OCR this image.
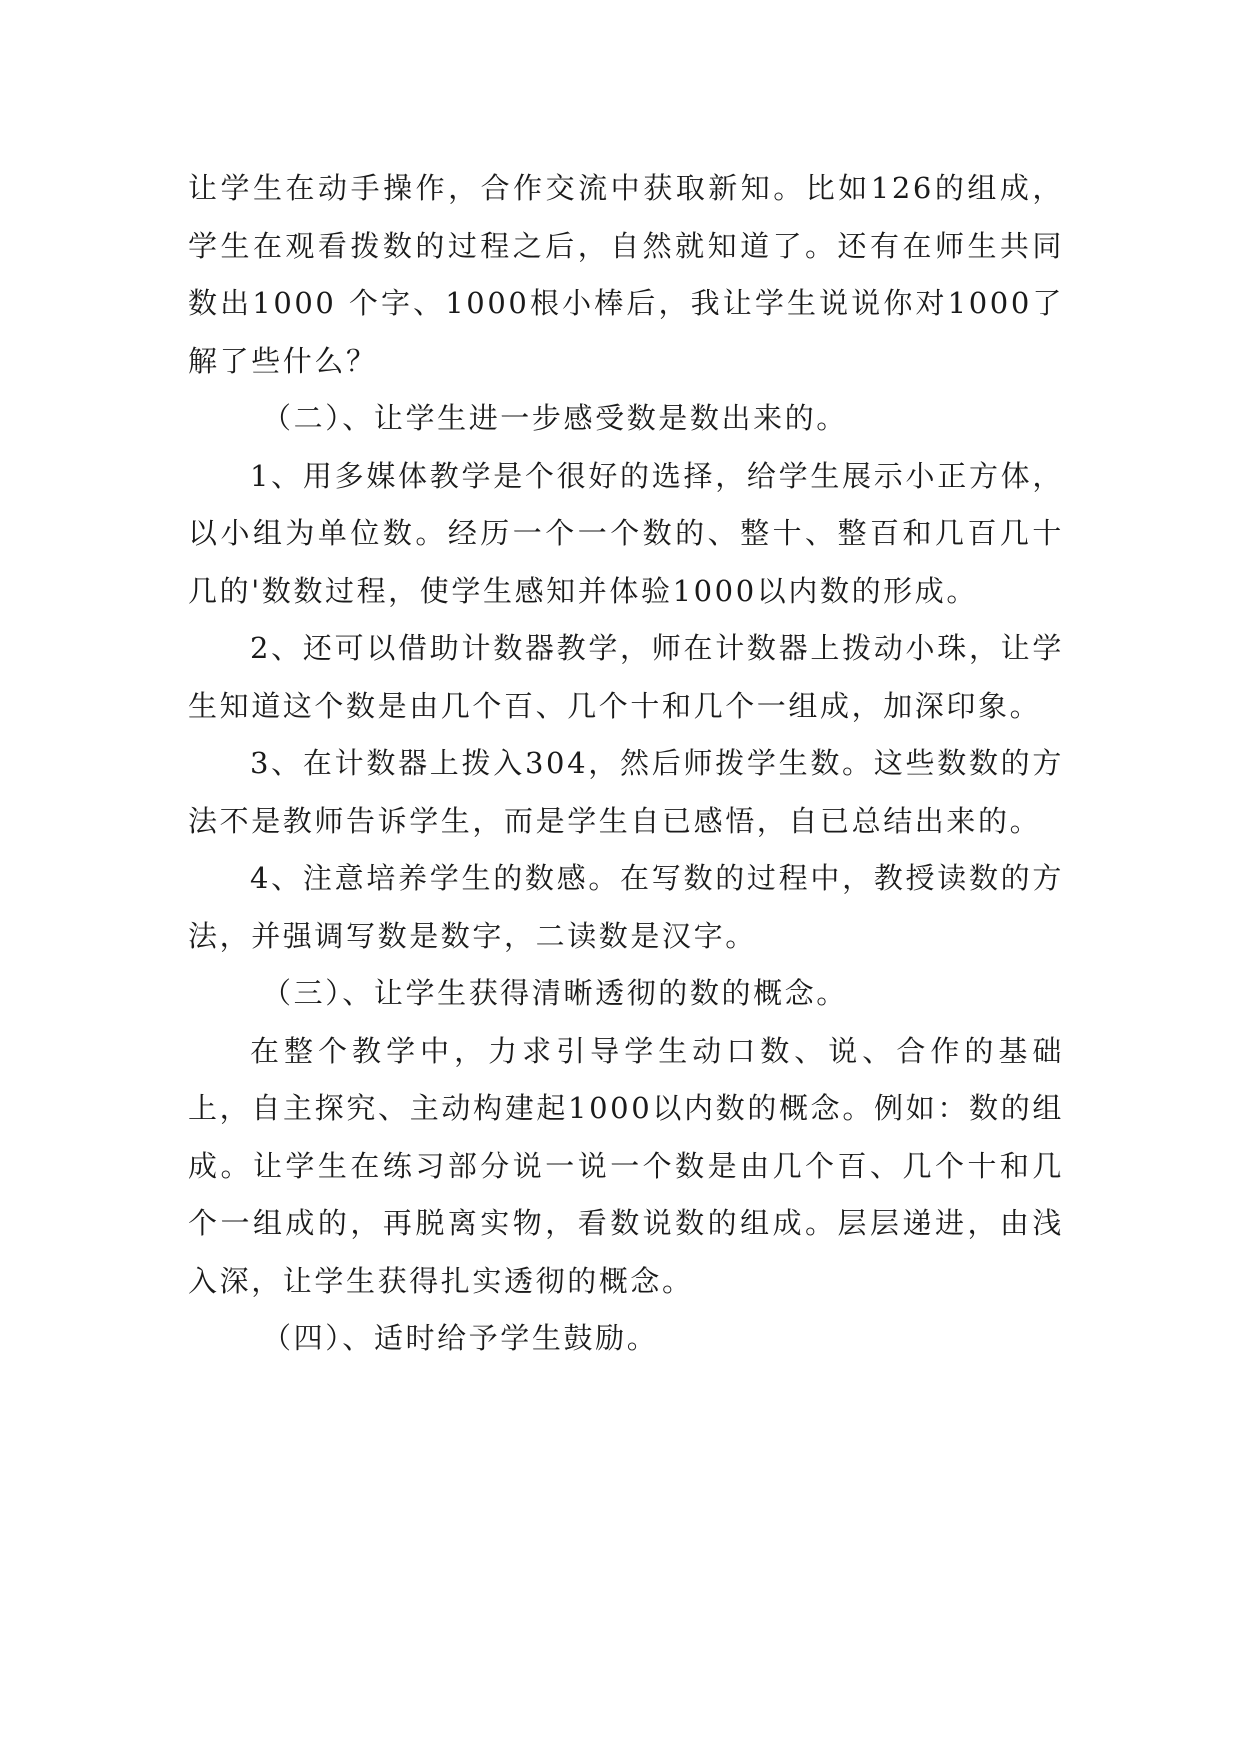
让学生在动手操作，合作交流中获取新知。比如126的组成，学生在观看拨数的过程之后，自然就知道了。还有在师生共同数出1000 个字、1000根小棒后，我让学生说说你对1000了解了些什么？

（二）、让学生进一步感受数是数出来的。

1、用多媒体教学是个很好的选择，给学生展示小正方体，以小组为单位数。经历一个一个数的、整十、整百和几百几十几的'数数过程，使学生感知并体验1000以内数的形成。

2、还可以借助计数器教学，师在计数器上拨动小珠，让学生知道这个数是由几个百、几个十和几个一组成，加深印象。

3、在计数器上拨入304，然后师拨学生数。这些数数的方法不是教师告诉学生，而是学生自已感悟，自已总结出来的。

4、注意培养学生的数感。在写数的过程中，教授读数的方法，并强调写数是数字，二读数是汉字。

（三）、让学生获得清晰透彻的数的概念。

在整个教学中，力求引导学生动口数、说、合作的基础上，自主探究、主动构建起1000以内数的概念。例如：数的组成。让学生在练习部分说一说一个数是由几个百、几个十和几个一组成的，再脱离实物，看数说数的组成。层层递进，由浅入深，让学生获得扎实透彻的概念。

（四）、适时给予学生鼓励。
